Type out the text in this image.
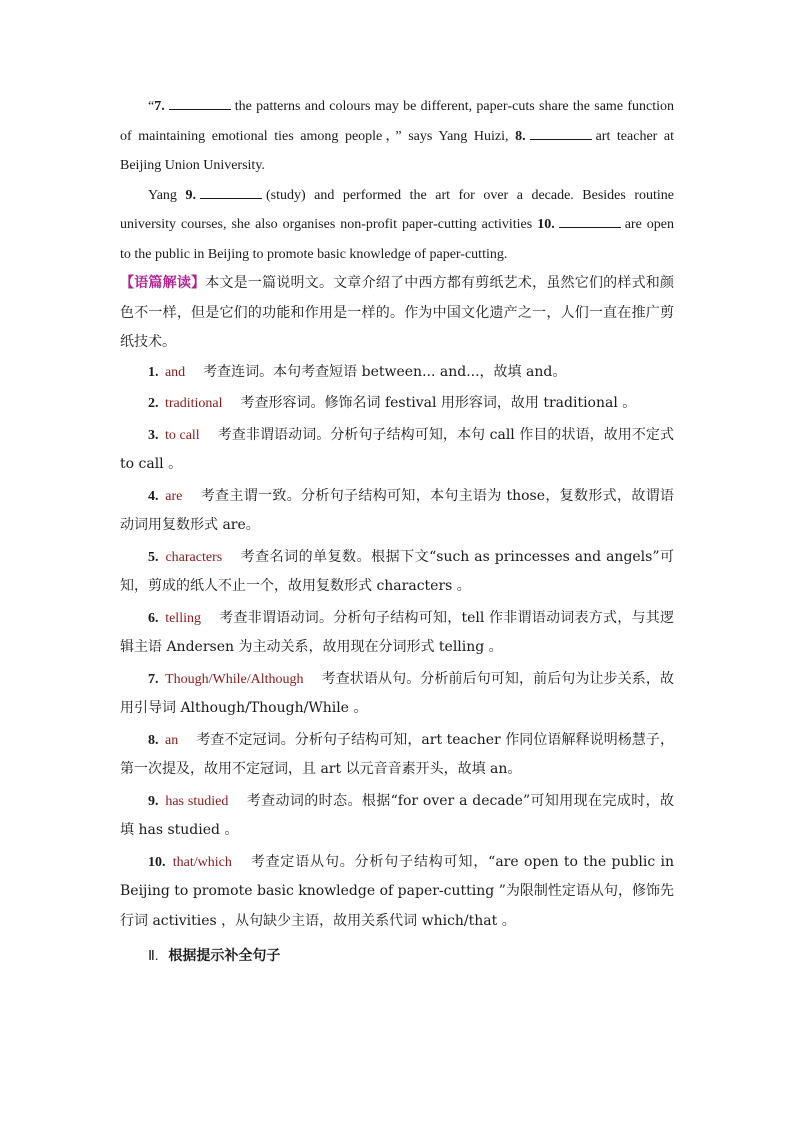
“7.	the patterns and colours may be different, paper‑cuts share the same function of maintaining emotional ties among people，” says Yang Huizi, 8.	art teacher at Beijing Union University.

Yang 9.	(study) and performed the art for over a decade. Besides routine university courses, she also organises non‑profit paper‑cutting activities 10.	are open to the public in Beijing to promote basic knowledge of paper-cutting.

【语篇解读】本文是一篇说明文。文章介绍了中西方都有剪纸艺术，虽然它们的样式和颜色不一样，但是它们的功能和作用是一样的。作为中国文化遗产之一，人们一直在推广剪纸技术。

1. and 考查连词。本句考查短语 between... and...，故填 and。

2. traditional 考查形容词。修饰名词 festival 用形容词，故用 traditional 。

3. to call 考查非谓语动词。分析句子结构可知，本句 call 作目的状语，故用不定式 to call 。

4. are 考查主谓一致。分析句子结构可知，本句主语为 those，复数形式，故谓语动词用复数形式 are。

5. characters 考查名词的单复数。根据下文“such as princesses and angels”可知，剪成的纸人不止一个，故用复数形式 characters 。

6. telling 考查非谓语动词。分析句子结构可知，tell 作非谓语动词表方式，与其逻辑主语 Andersen 为主动关系，故用现在分词形式 telling 。

7. Though/While/Although 考查状语从句。分析前后句可知，前后句为让步关系，故用引导词 Although/Though/While 。

8. an 考查不定冠词。分析句子结构可知，art teacher 作同位语解释说明杨慧子，第一次提及，故用不定冠词，且 art 以元音音素开头，故填 an。

9. has studied 考查动词的时态。根据“for over a decade”可知用现在完成时，故填 has studied 。

10. that/which 考查定语从句。分析句子结构可知，“are open to the public in Beijing to promote basic knowledge of paper-cutting ”为限制性定语从句，修饰先行词 activities ，从句缺少主语，故用关系代词 which/that 。

Ⅱ. 根据提示补全句子
